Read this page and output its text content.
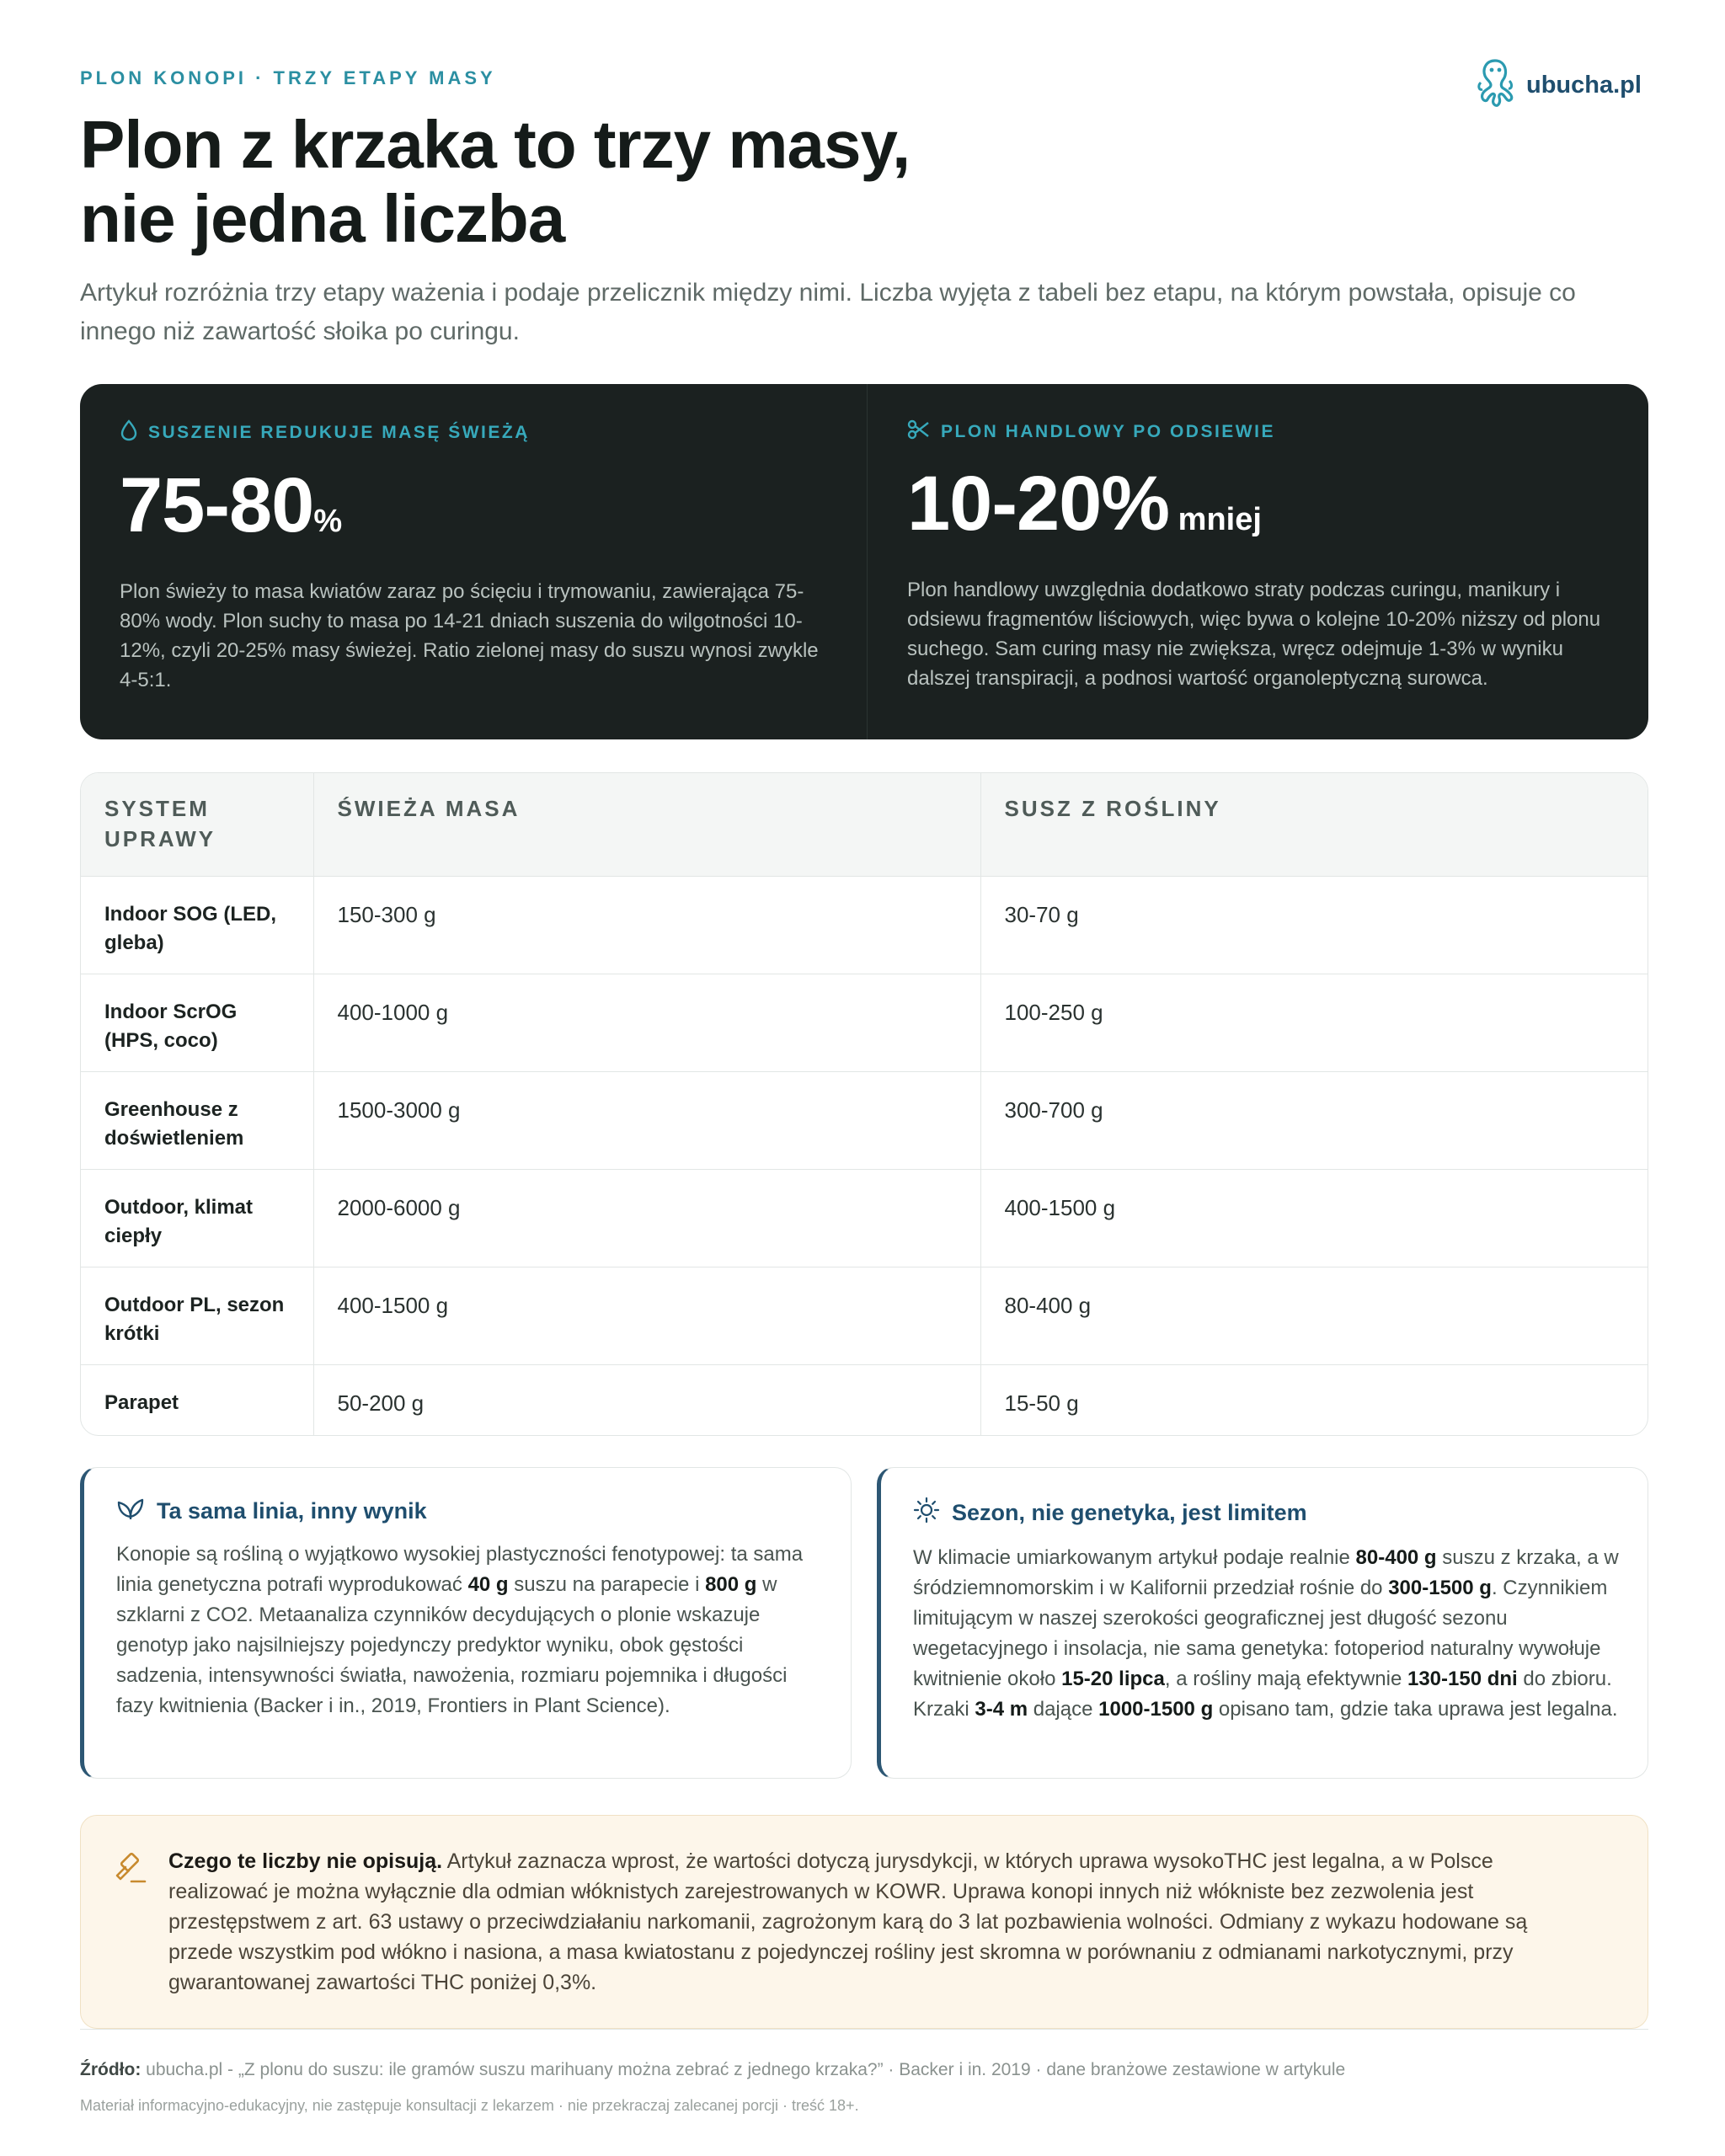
PLON KONOPI · TRZY ETAPY MASY	ubucha.pl
Plon z krzaka to trzy masy,
nie jedna liczba

Artykuł rozróżnia trzy etapy ważenia i podaje przelicznik między nimi. Liczba wyjęta z tabeli bez etapu, na którym powstała, opisuje co innego niż zawartość słoika po curingu.

SUSZENIE REDUKUJE MASĘ ŚWIEŻĄ
75-80%

Plon świeży to masa kwiatów zaraz po ścięciu i trymowaniu, zawierająca 75-80% wody. Plon suchy to masa po 14-21 dniach suszenia do wilgotności 10-12%, czyli 20-25% masy świeżej. Ratio zielonej masy do suszu wynosi zwykle 4-5:1.

PLON HANDLOWY PO ODSIEWIE
10-20% mniej

Plon handlowy uwzględnia dodatkowo straty podczas curingu, manikury i odsiewu fragmentów liściowych, więc bywa o kolejne 10-20% niższy od plonu suchego. Sam curing masy nie zwiększa, wręcz odejmuje 1-3% w wyniku dalszej transpiracji, a podnosi wartość organoleptyczną surowca.

SYSTEM UPRAWY	ŚWIEŻA MASA	SUSZ Z ROŚLINY
Indoor SOG (LED, gleba)	150-300 g	30-70 g
Indoor ScrOG (HPS, coco)	400-1000 g	100-250 g
Greenhouse z doświetleniem	1500-3000 g	300-700 g
Outdoor, klimat ciepły	2000-6000 g	400-1500 g
Outdoor PL, sezon krótki	400-1500 g	80-400 g
Parapet	50-200 g	15-50 g
Ta sama linia, inny wynik

Konopie są rośliną o wyjątkowo wysokiej plastyczności fenotypowej: ta sama linia genetyczna potrafi wyprodukować 40 g suszu na parapecie i 800 g w szklarni z CO2. Metaanaliza czynników decydujących o plonie wskazuje genotyp jako najsilniejszy pojedynczy predyktor wyniku, obok gęstości sadzenia, intensywności światła, nawożenia, rozmiaru pojemnika i długości fazy kwitnienia (Backer i in., 2019, Frontiers in Plant Science).

Sezon, nie genetyka, jest limitem

W klimacie umiarkowanym artykuł podaje realnie 80-400 g suszu z krzaka, a w śródziemnomorskim i w Kalifornii przedział rośnie do 300-1500 g. Czynnikiem limitującym w naszej szerokości geograficznej jest długość sezonu wegetacyjnego i insolacja, nie sama genetyka: fotoperiod naturalny wywołuje kwitnienie około 15-20 lipca, a rośliny mają efektywnie 130-150 dni do zbioru. Krzaki 3-4 m dające 1000-1500 g opisano tam, gdzie taka uprawa jest legalna.

Czego te liczby nie opisują. Artykuł zaznacza wprost, że wartości dotyczą jurysdykcji, w których uprawa wysokoTHC jest legalna, a w Polsce realizować je można wyłącznie dla odmian włóknistych zarejestrowanych w KOWR. Uprawa konopi innych niż włókniste bez zezwolenia jest przestępstwem z art. 63 ustawy o przeciwdziałaniu narkomanii, zagrożonym karą do 3 lat pozbawienia wolności. Odmiany z wykazu hodowane są przede wszystkim pod włókno i nasiona, a masa kwiatostanu z pojedynczej rośliny jest skromna w porównaniu z odmianami narkotycznymi, przy gwarantowanej zawartości THC poniżej 0,3%.

Źródło: ubucha.pl - „Z plonu do suszu: ile gramów suszu marihuany można zebrać z jednego krzaka?” · Backer i in. 2019 · dane branżowe zestawione w artykule

Materiał informacyjno-edukacyjny, nie zastępuje konsultacji z lekarzem · nie przekraczaj zalecanej porcji · treść 18+.
